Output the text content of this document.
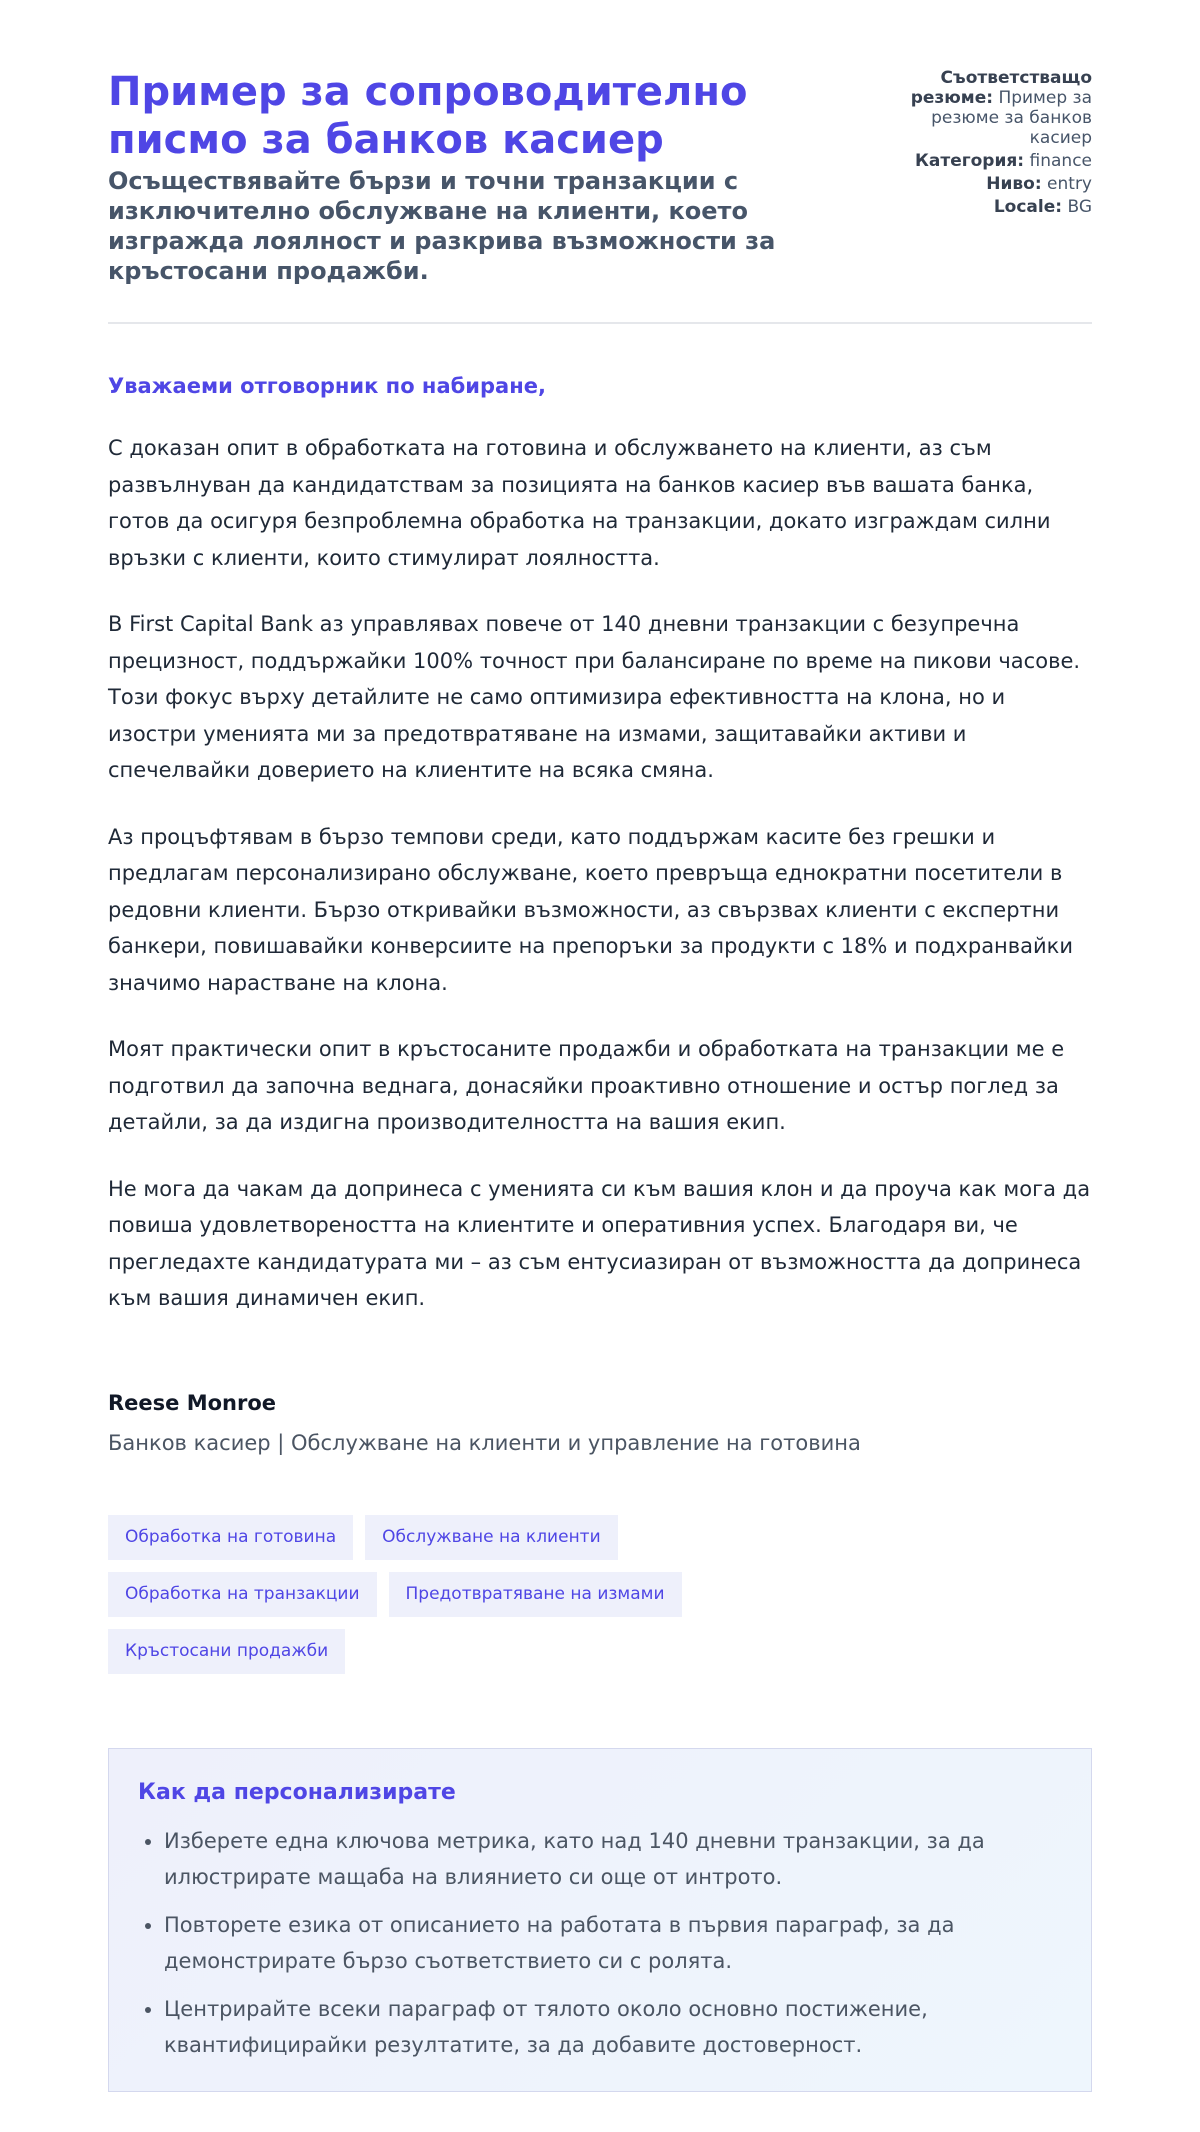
Пример за сопроводително писмо за банков касиер
Осъществявайте бързи и точни транзакции с изключително обслужване на клиенти, което изгражда лоялност и разкрива възможности за кръстосани продажби.
Съответстващо резюме: Пример за резюме за банков касиер
Категория: finance
Ниво: entry
Locale: BG
Уважаеми отговорник по набиране,

С доказан опит в обработката на готовина и обслужването на клиенти, аз съм развълнуван да кандидатствам за позицията на банков касиер във вашата банка, готов да осигуря безпроблемна обработка на транзакции, докато изграждам силни връзки с клиенти, които стимулират лоялността.

В First Capital Bank аз управлявах повече от 140 дневни транзакции с безупречна прецизност, поддържайки 100% точност при балансиране по време на пикови часове. Този фокус върху детайлите не само оптимизира ефективността на клона, но и изостри уменията ми за предотвратяване на измами, защитавайки активи и спечелвайки доверието на клиентите на всяка смяна.

Аз процъфтявам в бързо темпови среди, като поддържам касите без грешки и предлагам персонализирано обслужване, което превръща еднократни посетители в редовни клиенти. Бързо откривайки възможности, аз свързвах клиенти с експертни банкери, повишавайки конверсиите на препоръки за продукти с 18% и подхранвайки значимо нарастване на клона.

Моят практически опит в кръстосаните продажби и обработката на транзакции ме е подготвил да започна веднага, донасяйки проактивно отношение и остър поглед за детайли, за да издигна производителността на вашия екип.

Не мога да чакам да допринеса с уменията си към вашия клон и да проуча как мога да повиша удовлетвореността на клиентите и оперативния успех. Благодаря ви, че прегледахте кандидатурата ми – аз съм ентусиазиран от възможността да допринеса към вашия динамичен екип.

Reese Monroe
Банков касиер | Обслужване на клиенти и управление на готовина
Обработка на готовина	Обслужване на клиенти
Обработка на транзакции	Предотвратяване на измами
Кръстосани продажби
Как да персонализирате
• Изберете една ключова метрика, като над 140 дневни транзакции, за да илюстрирате мащаба на влиянието си още от интрото.
• Повторете езика от описанието на работата в първия параграф, за да демонстрирате бързо съответствието си с ролята.
• Центрирайте всеки параграф от тялото около основно постижение, квантифицирайки резултатите, за да добавите достоверност.
